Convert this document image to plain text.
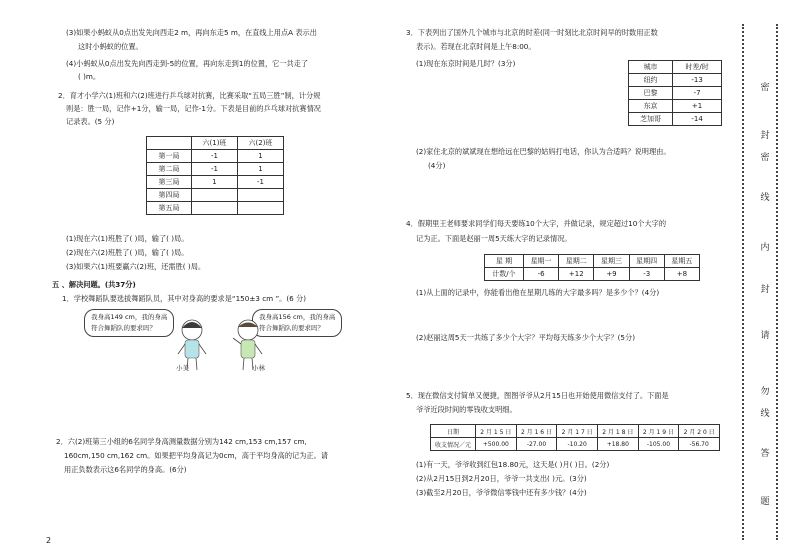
(3)如果小蚂蚁从0点出发先向西走2 m，再向东走5 m，在直线上用点A 表示出
这时小蚂蚁的位置。
(4)小蚂蚁从0点出发先向西走到-5的位置，再向东走到1的位置，它一共走了
( )m。
2．育才小学六(1)班和六(2)班进行乒乓球对抗赛，比赛采取“五局三胜”制，计分规
则是：胜一局，记作+1分，输一局，记作-1分。下表是目前的乒乓球对抗赛情况
记录表。(5 分)
	六(1)班	六(2)班
第一局	-1	1
第二局	-1	1
第三局	1	-1
第四局		
第五局		
(1)现在六(1)班胜了( )局，输了( )局。
(2)现在六(2)班胜了( )局，输了( )局。
(3)如果六(1)班要赢六(2)班，还需胜( )局。
五 、解决问题。(共37分)
1．学校舞蹈队要选拔舞蹈队员，其中对身高的要求是“150±3 cm ”。(6 分)
我身高149 cm，我的身高
符合舞蹈队的要求吗？
我身高156 cm，我的身高
符合舞蹈队的要求吗？
小美	小林
2．六(2)班第三小组的6名同学身高测量数据分别为142 cm,153 cm,157 cm,
160cm,150 cm,162 cm。如果把平均身高记为0cm，高于平均身高的记为正。请
用正负数表示这6名同学的身高。(6分)
2
3．下表列出了国外几个城市与北京的时差(同一时刻比北京时间早的时数用正数
表示)。若现在北京时间是上午8:00。
(1)现在东京时间是几时？(3分)	城市	时差/时
纽约	-13
巴黎	-7
东京	+1
芝加哥	-14
(2)家住北京的斌斌现在想给远在巴黎的姑妈打电话，你认为合适吗？说明理由。
(4分)
4．假期里王老师要求同学们每天要练10个大字，并做记录，规定超过10个大字的
记为正。下面是赵丽一周5天练大字的记录情况。
星 期	星期一	星期二	星期三	星期四	星期五
计数/个	-6	+12	+9	-3	+8
(1)从上面的记录中，你能看出他在星期几练的大字最多吗？是多少个？(4分)
(2)赵丽这周5天一共练了多少个大字？平均每天练多少个大字？(5分)
5．现在微信支付简单又便捷，图图爷爷从2月15日也开始使用微信支付了。下面是
爷爷近段时间的零钱收支明细。
日期	2 月 1 5 日	2 月 1 6 日	2 月 1 7 日	2 月 1 8 日	2 月 1 9 日	2 月 2 0 日
收支情况／元	+500.00	-27.00	-10.20	+18.80	-105.00	-56.70
(1)有一天，爷爷收到红包18.80元，这天是( )月( )日。(2分)
(2)从2月15日到2月20日，爷爷一共支出( )元。(3分)
(3)截至2月20日，爷爷微信零钱中还有多少钱？(4分)
密
封
密
线
内
封
请
勿
线
答
题
